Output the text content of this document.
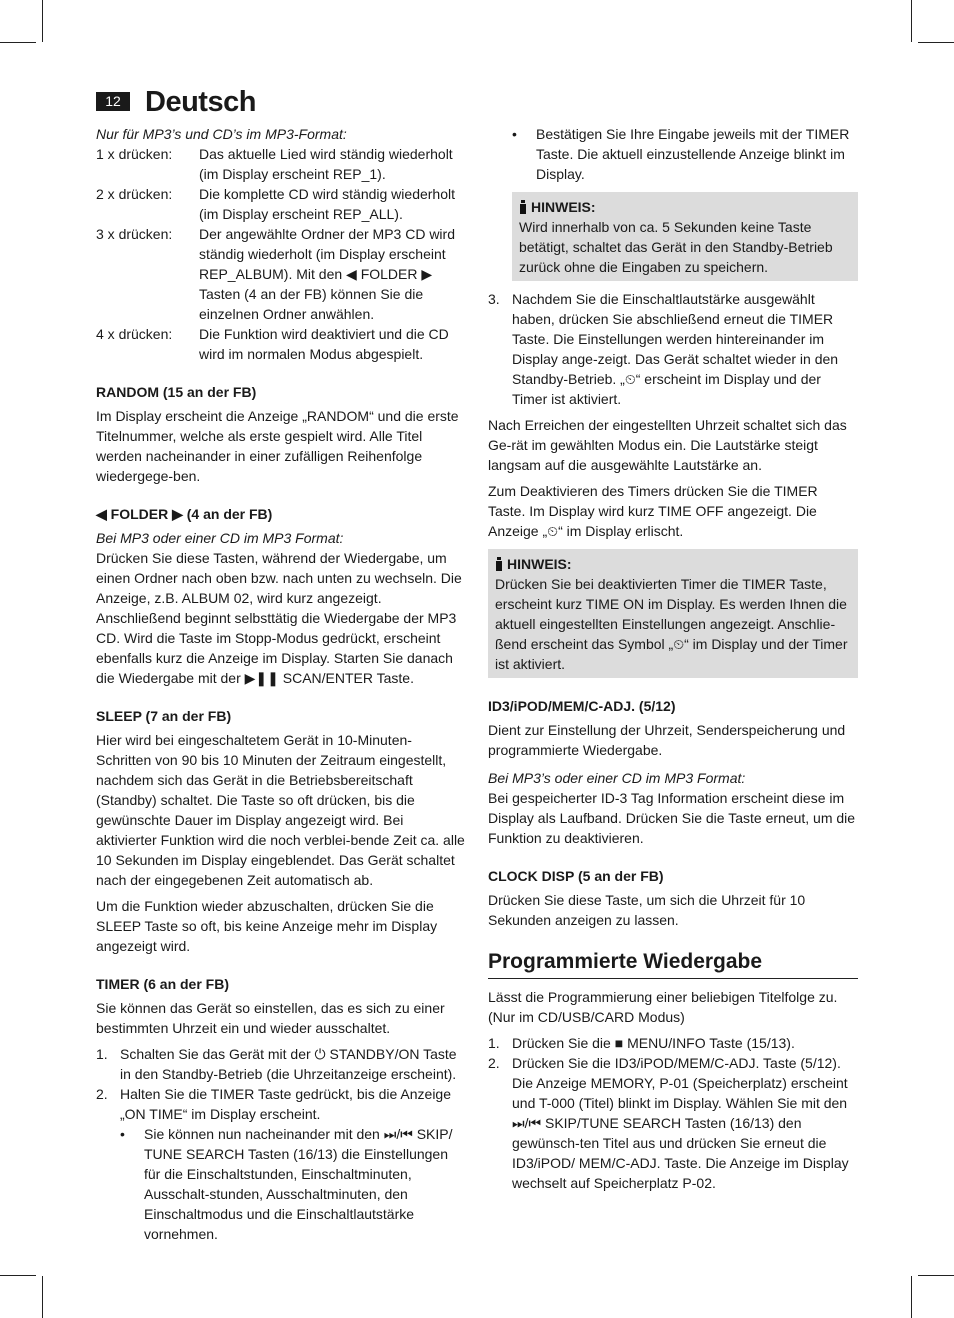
12 Deutsch

Nur für MP3’s und CD’s im MP3-Format:

1 x drücken:	Das aktuelle Lied wird ständig wiederholt (im Display erscheint REP_1).
2 x drücken:	Die komplette CD wird ständig wiederholt (im Display erscheint REP_ALL).
3 x drücken:	Der angewählte Ordner der MP3 CD wird ständig wiederholt (im Display erscheint REP_ALBUM). Mit den ◀ FOLDER ▶ Tasten (4 an der FB) können Sie die einzelnen Ordner anwählen.
4 x drücken:	Die Funktion wird deaktiviert und die CD wird im normalen Modus abgespielt.

RANDOM (15 an der FB)

Im Display erscheint die Anzeige „RANDOM“ und die erste Titelnummer, welche als erste gespielt wird. Alle Titel werden nacheinander in einer zufälligen Reihenfolge wiedergege-ben.

◀ FOLDER ▶ (4 an der FB)

Bei MP3 oder einer CD im MP3 Format:

Drücken Sie diese Tasten, während der Wiedergabe, um einen Ordner nach oben bzw. nach unten zu wechseln. Die Anzeige, z.B. ALBUM 02, wird kurz angezeigt. Anschließend beginnt selbsttätig die Wiedergabe der MP3 CD. Wird die Taste im Stopp-Modus gedrückt, erscheint ebenfalls kurz die Anzeige im Display. Starten Sie danach die Wiedergabe mit der ▶❚❚ SCAN/ENTER Taste.

SLEEP (7 an der FB)

Hier wird bei eingeschaltetem Gerät in 10-Minuten-Schritten von 90 bis 10 Minuten der Zeitraum eingestellt, nachdem sich das Gerät in die Betriebsbereitschaft (Standby) schaltet. Die Taste so oft drücken, bis die gewünschte Dauer im Display angezeigt wird. Bei aktivierter Funktion wird die noch verblei-bende Zeit ca. alle 10 Sekunden im Display eingeblendet. Das Gerät schaltet nach der eingegebenen Zeit automatisch ab.

Um die Funktion wieder abzuschalten, drücken Sie die SLEEP Taste so oft, bis keine Anzeige mehr im Display angezeigt wird.

TIMER (6 an der FB)

Sie können das Gerät so einstellen, das es sich zu einer bestimmten Uhrzeit ein und wieder ausschaltet.

1. Schalten Sie das Gerät mit der ⏻ STANDBY/ON Taste in den Standby-Betrieb (die Uhrzeitanzeige erscheint).
2. Halten Sie die TIMER Taste gedrückt, bis die Anzeige „ON TIME“ im Display erscheint.
•	Sie können nun nacheinander mit den ⏭/⏮ SKIP/ TUNE SEARCH Tasten (16/13) die Einstellungen für die Einschaltstunden, Einschaltminuten, Ausschalt-stunden, Ausschaltminuten, den Einschaltmodus und die Einschaltlautstärke vornehmen.
•	Bestätigen Sie Ihre Eingabe jeweils mit der TIMER Taste. Die aktuell einzustellende Anzeige blinkt im Display.
HINWEIS:
Wird innerhalb von ca. 5 Sekunden keine Taste betätigt, schaltet das Gerät in den Standby-Betrieb zurück ohne die Eingaben zu speichern.
3. Nachdem Sie die Einschaltlautstärke ausgewählt haben, drücken Sie abschließend erneut die TIMER Taste. Die Einstellungen werden hintereinander im Display ange-zeigt. Das Gerät schaltet wieder in den Standby-Betrieb. „⏲“ erscheint im Display und der Timer ist aktiviert.

Nach Erreichen der eingestellten Uhrzeit schaltet sich das Ge-rät im gewählten Modus ein. Die Lautstärke steigt langsam auf die ausgewählte Lautstärke an.

Zum Deaktivieren des Timers drücken Sie die TIMER Taste. Im Display wird kurz TIME OFF angezeigt. Die Anzeige „⏲“ im Display erlischt.

HINWEIS:
Drücken Sie bei deaktivierten Timer die TIMER Taste, erscheint kurz TIME ON im Display. Es werden Ihnen die aktuell eingestellten Einstellungen angezeigt. Anschlie-ßend erscheint das Symbol „⏲“ im Display und der Timer ist aktiviert.

ID3/iPOD/MEM/C-ADJ. (5/12)

Dient zur Einstellung der Uhrzeit, Senderspeicherung und programmierte Wiedergabe.

Bei MP3’s oder einer CD im MP3 Format:

Bei gespeicherter ID-3 Tag Information erscheint diese im Display als Laufband. Drücken Sie die Taste erneut, um die Funktion zu deaktivieren.

CLOCK DISP (5 an der FB)

Drücken Sie diese Taste, um sich die Uhrzeit für 10 Sekunden anzeigen zu lassen.

Programmierte Wiedergabe

Lässt die Programmierung einer beliebigen Titelfolge zu. (Nur im CD/USB/CARD Modus)

1. Drücken Sie die ■ MENU/INFO Taste (15/13).
2. Drücken Sie die ID3/iPOD/MEM/C-ADJ. Taste (5/12). Die Anzeige MEMORY, P-01 (Speicherplatz) erscheint und T-000 (Titel) blinkt im Display. Wählen Sie mit den ⏭/⏮ SKIP/TUNE SEARCH Tasten (16/13) den gewünsch-ten Titel aus und drücken Sie erneut die ID3/iPOD/ MEM/C-ADJ. Taste. Die Anzeige im Display wechselt auf Speicherplatz P-02.
